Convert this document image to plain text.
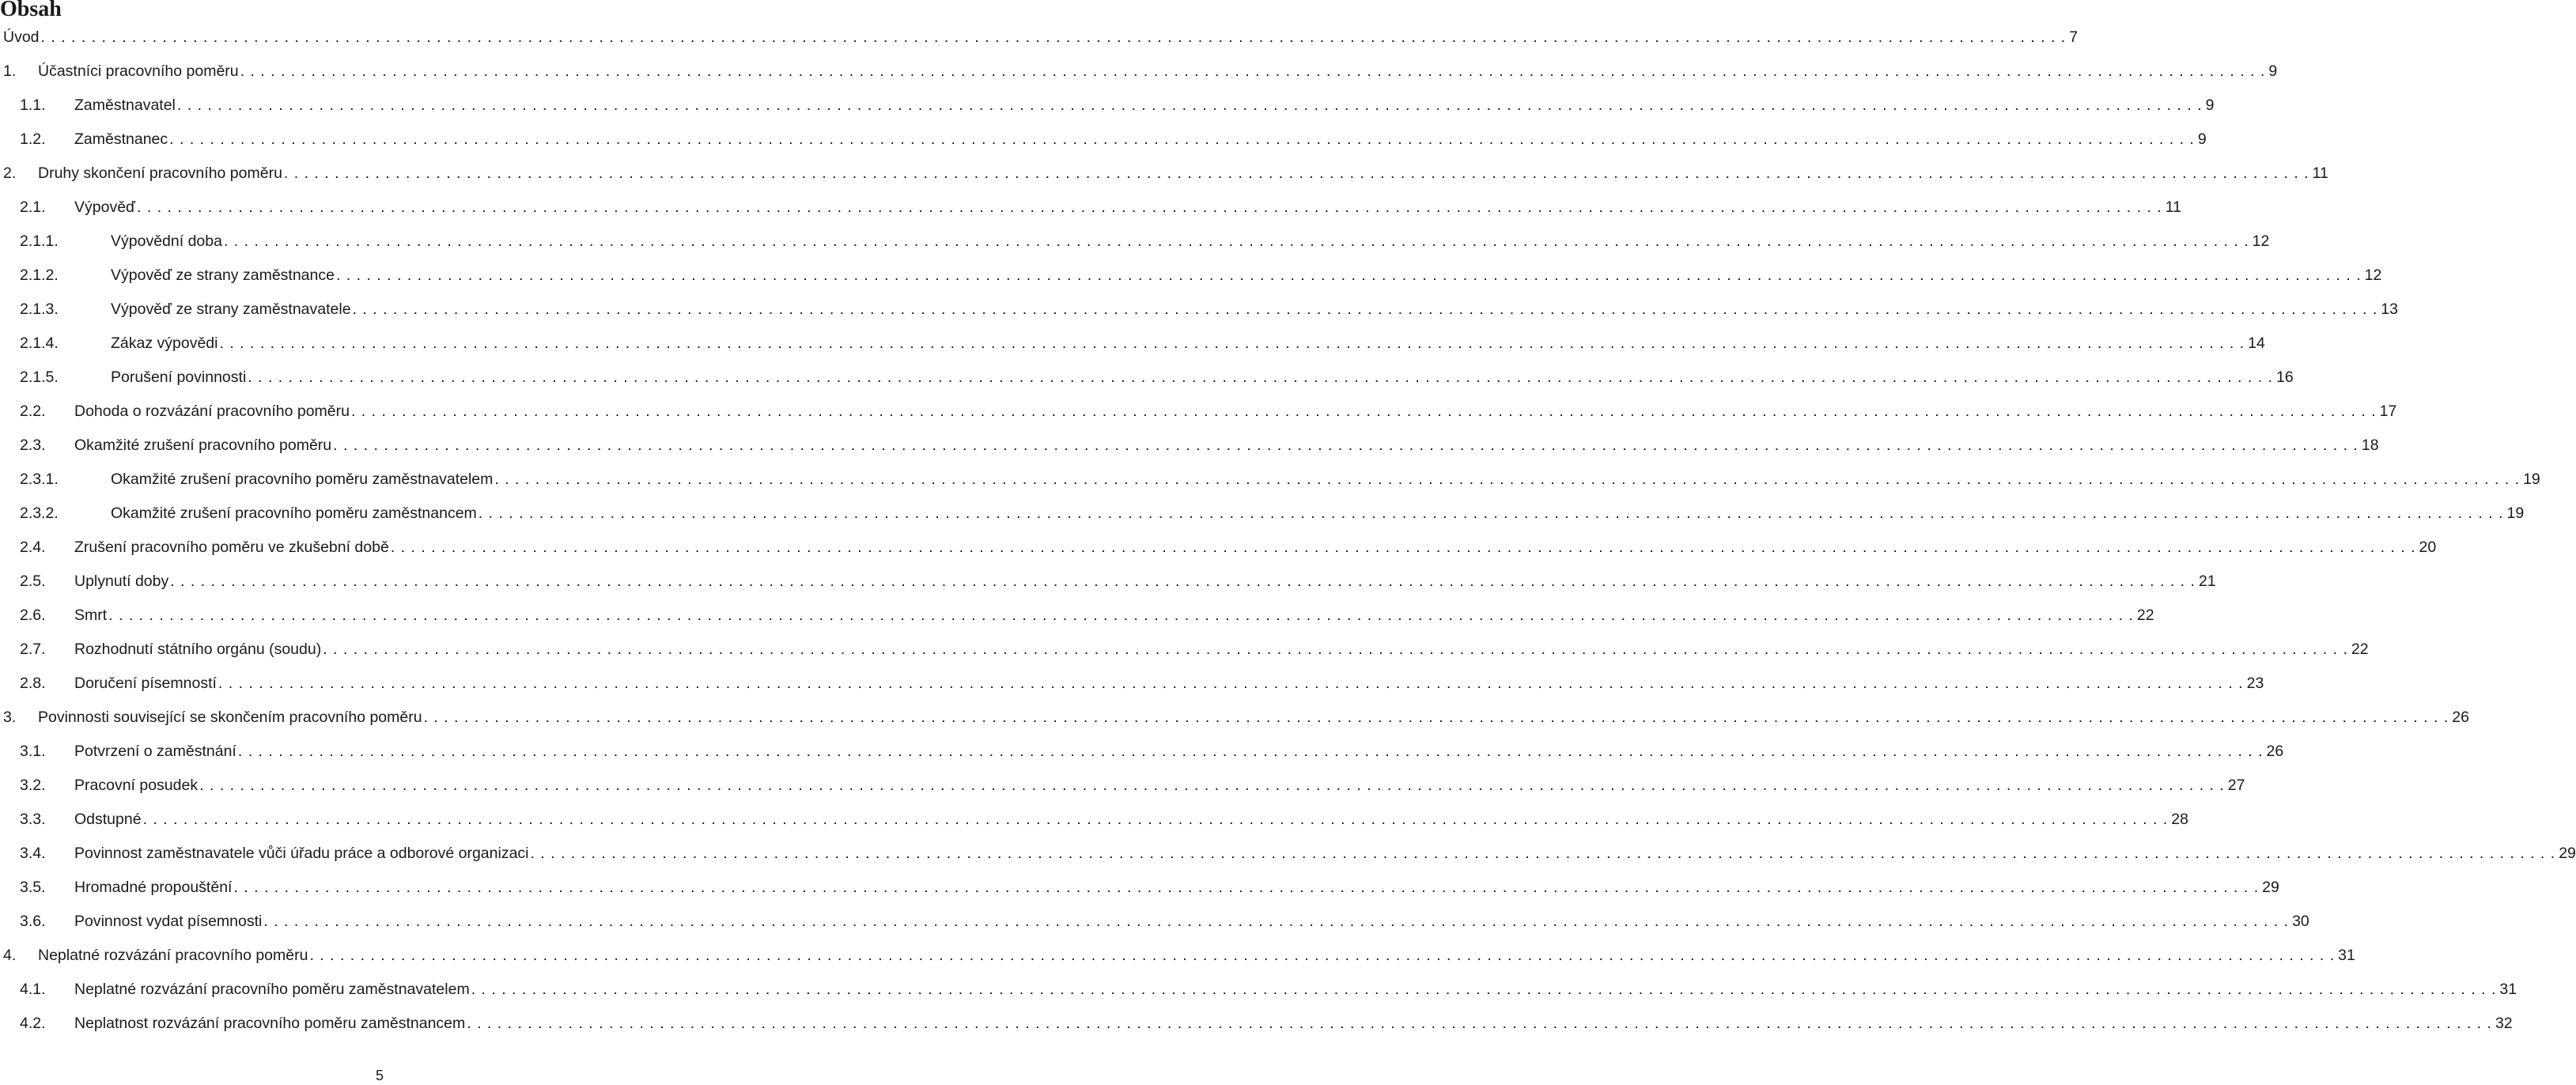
Obsah
Úvod . . . . . . . . . . . . . . . . . . . . . . . . . . . . . . . . . . . . . . . . . . . . . . . . . . . . . . . . . . . . . . . . . . . . . . . . . . . . . . . . . . . . . . . . . . . . . . . . . . . . . . . . . . . . . . . . . . . . . . . . . . . . . . . . . . . . . . . . . . . . . . . . . . . . . . . . . . . . . . . . . . . . . . . . . . . . . . . . . . . . . . . . . . . . . . . . . . . . . . . . 7
1. Účastníci pracovního poměru . . . . . . . . . . . . . . . . . . . . . . . . . . . . . . . . . . . . . . . . . . . . . . . . . . . . . . . . . . . . . . . . . . . . . . . . . . . . . . . . . . . . . . . . . . . . . . . . . . . . . . . . . . . . . . . . . . . . . . . . . . . . . . . . . . . . . . . . . . . . . . . . . . . . . . . . . . . . . . . . . . . . . . . . . . . . . . . . . . . . . . . . . . . . . . . . . . . . . . . . 9
1.1. Zaměstnavatel . . . . . . . . . . . . . . . . . . . . . . . . . . . . . . . . . . . . . . . . . . . . . . . . . . . . . . . . . . . . . . . . . . . . . . . . . . . . . . . . . . . . . . . . . . . . . . . . . . . . . . . . . . . . . . . . . . . . . . . . . . . . . . . . . . . . . . . . . . . . . . . . . . . . . . . . . . . . . . . . . . . . . . . . . . . . . . . . . . . . . . . . . . . . . . . . . . . . . . . . 9
1.2. Zaměstnanec . . . . . . . . . . . . . . . . . . . . . . . . . . . . . . . . . . . . . . . . . . . . . . . . . . . . . . . . . . . . . . . . . . . . . . . . . . . . . . . . . . . . . . . . . . . . . . . . . . . . . . . . . . . . . . . . . . . . . . . . . . . . . . . . . . . . . . . . . . . . . . . . . . . . . . . . . . . . . . . . . . . . . . . . . . . . . . . . . . . . . . . . . . . . . . . . . . . . . . . . 9
2. Druhy skončení pracovního poměru . . . . . . . . . . . . . . . . . . . . . . . . . . . . . . . . . . . . . . . . . . . . . . . . . . . . . . . . . . . . . . . . . . . . . . . . . . . . . . . . . . . . . . . . . . . . . . . . . . . . . . . . . . . . . . . . . . . . . . . . . . . . . . . . . . . . . . . . . . . . . . . . . . . . . . . . . . . . . . . . . . . . . . . . . . . . . . . . . . . . . . . . . . . . . . . . . . . . . . . . 11
2.1. Výpověď . . . . . . . . . . . . . . . . . . . . . . . . . . . . . . . . . . . . . . . . . . . . . . . . . . . . . . . . . . . . . . . . . . . . . . . . . . . . . . . . . . . . . . . . . . . . . . . . . . . . . . . . . . . . . . . . . . . . . . . . . . . . . . . . . . . . . . . . . . . . . . . . . . . . . . . . . . . . . . . . . . . . . . . . . . . . . . . . . . . . . . . . . . . . . . . . . . . . . . . . 11
2.1.1.	Výpovědní doba . . . . . . . . . . . . . . . . . . . . . . . . . . . . . . . . . . . . . . . . . . . . . . . . . . . . . . . . . . . . . . . . . . . . . . . . . . . . . . . . . . . . . . . . . . . . . . . . . . . . . . . . . . . . . . . . . . . . . . . . . . . . . . . . . . . . . . . . . . . . . . . . . . . . . . . . . . . . . . . . . . . . . . . . . . . . . . . . . . . . . . . . . . . . . . . . . . . . . . . . 12
2.1.2.	Výpověď ze strany zaměstnance . . . . . . . . . . . . . . . . . . . . . . . . . . . . . . . . . . . . . . . . . . . . . . . . . . . . . . . . . . . . . . . . . . . . . . . . . . . . . . . . . . . . . . . . . . . . . . . . . . . . . . . . . . . . . . . . . . . . . . . . . . . . . . . . . . . . . . . . . . . . . . . . . . . . . . . . . . . . . . . . . . . . . . . . . . . . . . . . . . . . . . . . . . . . . . . . . . . . . . . . 12
2.1.3.	Výpověď ze strany zaměstnavatele . . . . . . . . . . . . . . . . . . . . . . . . . . . . . . . . . . . . . . . . . . . . . . . . . . . . . . . . . . . . . . . . . . . . . . . . . . . . . . . . . . . . . . . . . . . . . . . . . . . . . . . . . . . . . . . . . . . . . . . . . . . . . . . . . . . . . . . . . . . . . . . . . . . . . . . . . . . . . . . . . . . . . . . . . . . . . . . . . . . . . . . . . . . . . . . . . . . . . . . . 13
2.1.4.	Zákaz výpovědi . . . . . . . . . . . . . . . . . . . . . . . . . . . . . . . . . . . . . . . . . . . . . . . . . . . . . . . . . . . . . . . . . . . . . . . . . . . . . . . . . . . . . . . . . . . . . . . . . . . . . . . . . . . . . . . . . . . . . . . . . . . . . . . . . . . . . . . . . . . . . . . . . . . . . . . . . . . . . . . . . . . . . . . . . . . . . . . . . . . . . . . . . . . . . . . . . . . . . . . . 14
2.1.5.	Porušení povinnosti . . . . . . . . . . . . . . . . . . . . . . . . . . . . . . . . . . . . . . . . . . . . . . . . . . . . . . . . . . . . . . . . . . . . . . . . . . . . . . . . . . . . . . . . . . . . . . . . . . . . . . . . . . . . . . . . . . . . . . . . . . . . . . . . . . . . . . . . . . . . . . . . . . . . . . . . . . . . . . . . . . . . . . . . . . . . . . . . . . . . . . . . . . . . . . . . . . . . . . . . 16
2.2. Dohoda o rozvázání pracovního poměru . . . . . . . . . . . . . . . . . . . . . . . . . . . . . . . . . . . . . . . . . . . . . . . . . . . . . . . . . . . . . . . . . . . . . . . . . . . . . . . . . . . . . . . . . . . . . . . . . . . . . . . . . . . . . . . . . . . . . . . . . . . . . . . . . . . . . . . . . . . . . . . . . . . . . . . . . . . . . . . . . . . . . . . . . . . . . . . . . . . . . . . . . . . . . . . . . . . . . . . . 17
2.3. Okamžité zrušení pracovního poměru . . . . . . . . . . . . . . . . . . . . . . . . . . . . . . . . . . . . . . . . . . . . . . . . . . . . . . . . . . . . . . . . . . . . . . . . . . . . . . . . . . . . . . . . . . . . . . . . . . . . . . . . . . . . . . . . . . . . . . . . . . . . . . . . . . . . . . . . . . . . . . . . . . . . . . . . . . . . . . . . . . . . . . . . . . . . . . . . . . . . . . . . . . . . . . . . . . . . . . . . 18
2.3.1.	Okamžité zrušení pracovního poměru zaměstnavatelem . . . . . . . . . . . . . . . . . . . . . . . . . . . . . . . . . . . . . . . . . . . . . . . . . . . . . . . . . . . . . . . . . . . . . . . . . . . . . . . . . . . . . . . . . . . . . . . . . . . . . . . . . . . . . . . . . . . . . . . . . . . . . . . . . . . . . . . . . . . . . . . . . . . . . . . . . . . . . . . . . . . . . . . . . . . . . . . . . . . . . . . . . . . . . . . . . . . . . . . . 19
2.3.2.	Okamžité zrušení pracovního poměru zaměstnancem . . . . . . . . . . . . . . . . . . . . . . . . . . . . . . . . . . . . . . . . . . . . . . . . . . . . . . . . . . . . . . . . . . . . . . . . . . . . . . . . . . . . . . . . . . . . . . . . . . . . . . . . . . . . . . . . . . . . . . . . . . . . . . . . . . . . . . . . . . . . . . . . . . . . . . . . . . . . . . . . . . . . . . . . . . . . . . . . . . . . . . . . . . . . . . . . . . . . . . . . 19
2.4. Zrušení pracovního poměru ve zkušební době . . . . . . . . . . . . . . . . . . . . . . . . . . . . . . . . . . . . . . . . . . . . . . . . . . . . . . . . . . . . . . . . . . . . . . . . . . . . . . . . . . . . . . . . . . . . . . . . . . . . . . . . . . . . . . . . . . . . . . . . . . . . . . . . . . . . . . . . . . . . . . . . . . . . . . . . . . . . . . . . . . . . . . . . . . . . . . . . . . . . . . . . . . . . . . . . . . . . . . . . 20
2.5. Uplynutí doby . . . . . . . . . . . . . . . . . . . . . . . . . . . . . . . . . . . . . . . . . . . . . . . . . . . . . . . . . . . . . . . . . . . . . . . . . . . . . . . . . . . . . . . . . . . . . . . . . . . . . . . . . . . . . . . . . . . . . . . . . . . . . . . . . . . . . . . . . . . . . . . . . . . . . . . . . . . . . . . . . . . . . . . . . . . . . . . . . . . . . . . . . . . . . . . . . . . . . . . . 21
2.6. Smrt . . . . . . . . . . . . . . . . . . . . . . . . . . . . . . . . . . . . . . . . . . . . . . . . . . . . . . . . . . . . . . . . . . . . . . . . . . . . . . . . . . . . . . . . . . . . . . . . . . . . . . . . . . . . . . . . . . . . . . . . . . . . . . . . . . . . . . . . . . . . . . . . . . . . . . . . . . . . . . . . . . . . . . . . . . . . . . . . . . . . . . . . . . . . . . . . . . . . . . . . 22
2.7. Rozhodnutí státního orgánu (soudu) . . . . . . . . . . . . . . . . . . . . . . . . . . . . . . . . . . . . . . . . . . . . . . . . . . . . . . . . . . . . . . . . . . . . . . . . . . . . . . . . . . . . . . . . . . . . . . . . . . . . . . . . . . . . . . . . . . . . . . . . . . . . . . . . . . . . . . . . . . . . . . . . . . . . . . . . . . . . . . . . . . . . . . . . . . . . . . . . . . . . . . . . . . . . . . . . . . . . . . . . 22
2.8. Doručení písemností . . . . . . . . . . . . . . . . . . . . . . . . . . . . . . . . . . . . . . . . . . . . . . . . . . . . . . . . . . . . . . . . . . . . . . . . . . . . . . . . . . . . . . . . . . . . . . . . . . . . . . . . . . . . . . . . . . . . . . . . . . . . . . . . . . . . . . . . . . . . . . . . . . . . . . . . . . . . . . . . . . . . . . . . . . . . . . . . . . . . . . . . . . . . . . . . . . . . . . . . 23
3. Povinnosti související se skončením pracovního poměru . . . . . . . . . . . . . . . . . . . . . . . . . . . . . . . . . . . . . . . . . . . . . . . . . . . . . . . . . . . . . . . . . . . . . . . . . . . . . . . . . . . . . . . . . . . . . . . . . . . . . . . . . . . . . . . . . . . . . . . . . . . . . . . . . . . . . . . . . . . . . . . . . . . . . . . . . . . . . . . . . . . . . . . . . . . . . . . . . . . . . . . . . . . . . . . . . . . . . . . . 26
3.1. Potvrzení o zaměstnání . . . . . . . . . . . . . . . . . . . . . . . . . . . . . . . . . . . . . . . . . . . . . . . . . . . . . . . . . . . . . . . . . . . . . . . . . . . . . . . . . . . . . . . . . . . . . . . . . . . . . . . . . . . . . . . . . . . . . . . . . . . . . . . . . . . . . . . . . . . . . . . . . . . . . . . . . . . . . . . . . . . . . . . . . . . . . . . . . . . . . . . . . . . . . . . . . . . . . . . . 26
3.2. Pracovní posudek . . . . . . . . . . . . . . . . . . . . . . . . . . . . . . . . . . . . . . . . . . . . . . . . . . . . . . . . . . . . . . . . . . . . . . . . . . . . . . . . . . . . . . . . . . . . . . . . . . . . . . . . . . . . . . . . . . . . . . . . . . . . . . . . . . . . . . . . . . . . . . . . . . . . . . . . . . . . . . . . . . . . . . . . . . . . . . . . . . . . . . . . . . . . . . . . . . . . . . . . 27
3.3. Odstupné . . . . . . . . . . . . . . . . . . . . . . . . . . . . . . . . . . . . . . . . . . . . . . . . . . . . . . . . . . . . . . . . . . . . . . . . . . . . . . . . . . . . . . . . . . . . . . . . . . . . . . . . . . . . . . . . . . . . . . . . . . . . . . . . . . . . . . . . . . . . . . . . . . . . . . . . . . . . . . . . . . . . . . . . . . . . . . . . . . . . . . . . . . . . . . . . . . . . . . . . 28
3.4. Povinnost zaměstnavatele vůči úřadu práce a odborové organizaci . . . . . . . . . . . . . . . . . . . . . . . . . . . . . . . . . . . . . . . . . . . . . . . . . . . . . . . . . . . . . . . . . . . . . . . . . . . . . . . . . . . . . . . . . . . . . . . . . . . . . . . . . . . . . . . . . . . . . . . . . . . . . . . . . . . . . . . . . . . . . . . . . . . . . . . . . . . . . . . . . . . . . . . . . . . . . . . . . . . . . . . . . . . . . . . . . . . . . . . . 29
3.5. Hromadné propouštění . . . . . . . . . . . . . . . . . . . . . . . . . . . . . . . . . . . . . . . . . . . . . . . . . . . . . . . . . . . . . . . . . . . . . . . . . . . . . . . . . . . . . . . . . . . . . . . . . . . . . . . . . . . . . . . . . . . . . . . . . . . . . . . . . . . . . . . . . . . . . . . . . . . . . . . . . . . . . . . . . . . . . . . . . . . . . . . . . . . . . . . . . . . . . . . . . . . . . . . . 29
3.6. Povinnost vydat písemnosti . . . . . . . . . . . . . . . . . . . . . . . . . . . . . . . . . . . . . . . . . . . . . . . . . . . . . . . . . . . . . . . . . . . . . . . . . . . . . . . . . . . . . . . . . . . . . . . . . . . . . . . . . . . . . . . . . . . . . . . . . . . . . . . . . . . . . . . . . . . . . . . . . . . . . . . . . . . . . . . . . . . . . . . . . . . . . . . . . . . . . . . . . . . . . . . . . . . . . . . . 30
4. Neplatné rozvázání pracovního poměru . . . . . . . . . . . . . . . . . . . . . . . . . . . . . . . . . . . . . . . . . . . . . . . . . . . . . . . . . . . . . . . . . . . . . . . . . . . . . . . . . . . . . . . . . . . . . . . . . . . . . . . . . . . . . . . . . . . . . . . . . . . . . . . . . . . . . . . . . . . . . . . . . . . . . . . . . . . . . . . . . . . . . . . . . . . . . . . . . . . . . . . . . . . . . . . . . . . . . . . . 31
4.1. Neplatné rozvázání pracovního poměru zaměstnavatelem . . . . . . . . . . . . . . . . . . . . . . . . . . . . . . . . . . . . . . . . . . . . . . . . . . . . . . . . . . . . . . . . . . . . . . . . . . . . . . . . . . . . . . . . . . . . . . . . . . . . . . . . . . . . . . . . . . . . . . . . . . . . . . . . . . . . . . . . . . . . . . . . . . . . . . . . . . . . . . . . . . . . . . . . . . . . . . . . . . . . . . . . . . . . . . . . . . . . . . . . 31
4.2. Neplatnost rozvázání pracovního poměru zaměstnancem . . . . . . . . . . . . . . . . . . . . . . . . . . . . . . . . . . . . . . . . . . . . . . . . . . . . . . . . . . . . . . . . . . . . . . . . . . . . . . . . . . . . . . . . . . . . . . . . . . . . . . . . . . . . . . . . . . . . . . . . . . . . . . . . . . . . . . . . . . . . . . . . . . . . . . . . . . . . . . . . . . . . . . . . . . . . . . . . . . . . . . . . . . . . . . . . . . . . . . . . 32

5
